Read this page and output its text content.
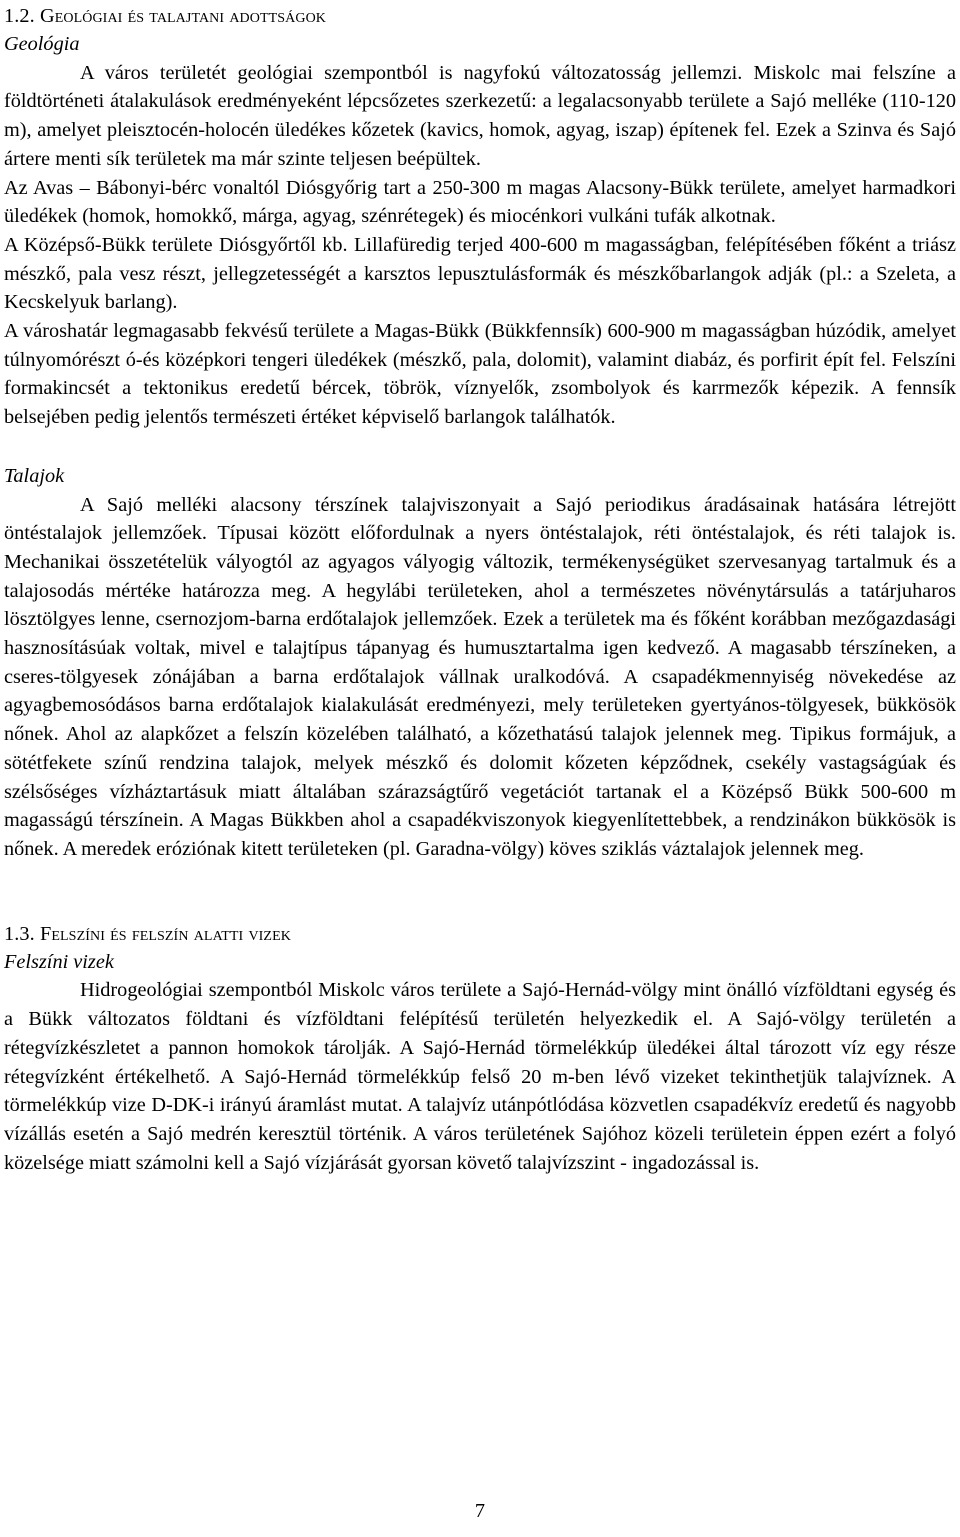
1.2. Geológiai és talajtani adottságok

Geológia

A város területét geológiai szempontból is nagyfokú változatosság jellemzi. Miskolc mai felszíne a földtörténeti átalakulások eredményeként lépcsőzetes szerkezetű: a legalacsonyabb területe a Sajó melléke (110-120 m), amelyet pleisztocén-holocén üledékes kőzetek (kavics, homok, agyag, iszap) építenek fel. Ezek a Szinva és Sajó ártere menti sík területek ma már szinte teljesen beépültek.

Az Avas – Bábonyi-bérc vonaltól Diósgyőrig tart a 250-300 m magas Alacsony-Bükk területe, amelyet harmadkori üledékek (homok, homokkő, márga, agyag, szénrétegek) és miocénkori vulkáni tufák alkotnak.

A Középső-Bükk területe Diósgyőrtől kb. Lillafüredig terjed 400-600 m magasságban, felépítésében főként a triász mészkő, pala vesz részt, jellegzetességét a karsztos lepusztulásformák és mészkőbarlangok adják (pl.: a Szeleta, a Kecskelyuk barlang).

A városhatár legmagasabb fekvésű területe a Magas-Bükk (Bükkfennsík) 600-900 m magasságban húzódik, amelyet túlnyomórészt ó-és középkori tengeri üledékek (mészkő, pala, dolomit), valamint diabáz, és porfirit épít fel. Felszíni formakincsét a tektonikus eredetű bércek, töbrök, víznyelők, zsombolyok és karrmezők képezik. A fennsík belsejében pedig jelentős természeti értéket képviselő barlangok találhatók.

Talajok

A Sajó melléki alacsony térszínek talajviszonyait a Sajó periodikus áradásainak hatására létrejött öntéstalajok jellemzőek. Típusai között előfordulnak a nyers öntéstalajok, réti öntéstalajok, és réti talajok is. Mechanikai összetételük vályogtól az agyagos vályogig változik, termékenységüket szervesanyag tartalmuk és a talajosodás mértéke határozza meg. A hegylábi területeken, ahol a természetes növénytársulás a tatárjuharos lösztölgyes lenne, csernozjom-barna erdőtalajok jellemzőek. Ezek a területek ma és főként korábban mezőgazdasági hasznosításúak voltak, mivel e talajtípus tápanyag és humusztartalma igen kedvező. A magasabb térszíneken, a cseres-tölgyesek zónájában a barna erdőtalajok vállnak uralkodóvá. A csapadékmennyiség növekedése az agyagbemosódásos barna erdőtalajok kialakulását eredményezi, mely területeken gyertyános-tölgyesek, bükkösök nőnek. Ahol az alapkőzet a felszín közelében található, a kőzethatású talajok jelennek meg. Tipikus formájuk, a sötétfekete színű rendzina talajok, melyek mészkő és dolomit kőzeten képződnek, csekély vastagságúak és szélsőséges vízháztartásuk miatt általában szárazságtűrő vegetációt tartanak el a Középső Bükk 500-600 m magasságú térszínein. A Magas Bükkben ahol a csapadékviszonyok kiegyenlítettebbek, a rendzinákon bükkösök is nőnek. A meredek eróziónak kitett területeken (pl. Garadna-völgy) köves sziklás váztalajok jelennek meg.

1.3. Felszíni és felszín alatti vizek

Felszíni vizek

Hidrogeológiai szempontból Miskolc város területe a Sajó-Hernád-völgy mint önálló vízföldtani egység és a Bükk változatos földtani és vízföldtani felépítésű területén helyezkedik el. A Sajó-völgy területén a rétegvízkészletet a pannon homokok tárolják. A Sajó-Hernád törmelékkúp üledékei által tározott víz egy része rétegvízként értékelhető. A Sajó-Hernád törmelékkúp felső 20 m-ben lévő vizeket tekinthetjük talajvíznek. A törmelékkúp vize D-DK-i irányú áramlást mutat. A talajvíz utánpótlódása közvetlen csapadékvíz eredetű és nagyobb vízállás esetén a Sajó medrén keresztül történik. A város területének Sajóhoz közeli területein éppen ezért a folyó közelsége miatt számolni kell a Sajó vízjárását gyorsan követő talajvízszint - ingadozással is.

7
